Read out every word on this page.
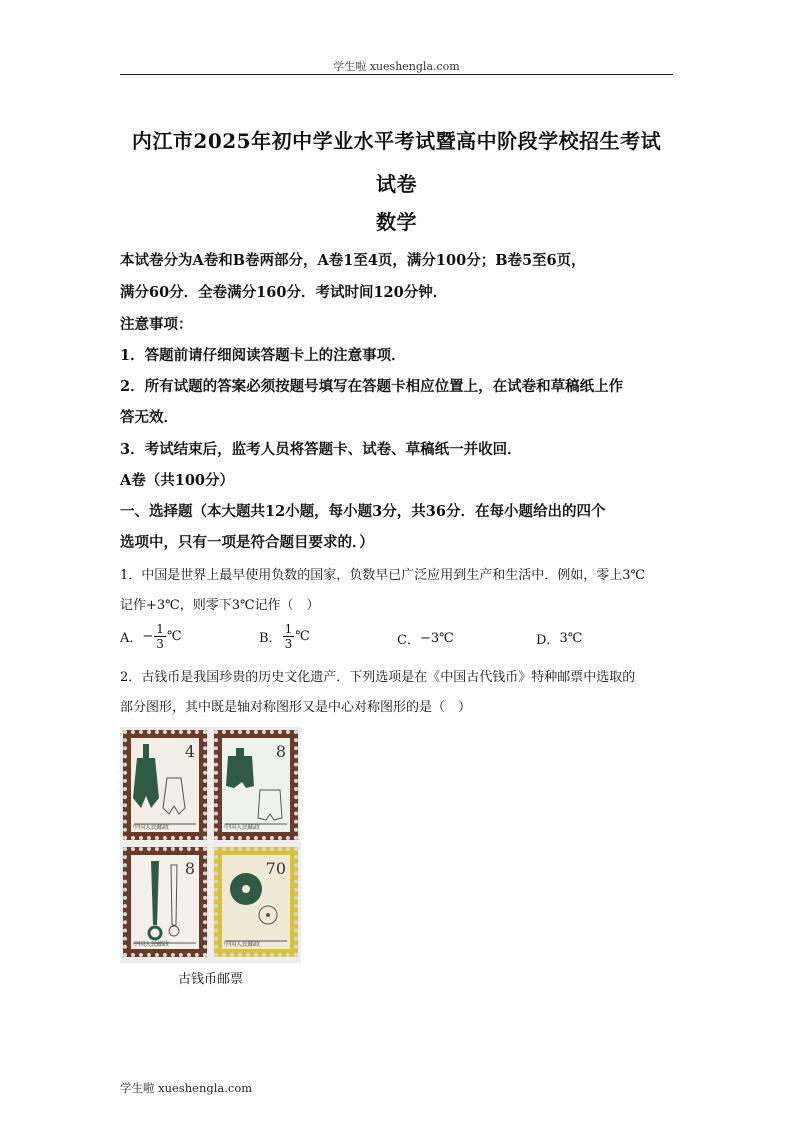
学生啦 xueshengla.com
内江市2025年初中学业水平考试暨高中阶段学校招生考试
试卷
数学
本试卷分为A卷和B卷两部分，A卷1至4页，满分100分；B卷5至6页，
满分60分．全卷满分160分．考试时间120分钟．
注意事项：
1．答题前请仔细阅读答题卡上的注意事项．
2．所有试题的答案必须按题号填写在答题卡相应位置上，在试卷和草稿纸上作
答无效．
3．考试结束后，监考人员将答题卡、试卷、草稿纸一并收回．
A卷（共100分）
一、选择题（本大题共12小题，每小题3分，共36分．在每小题给出的四个
选项中，只有一项是符合题目要求的．）
1．中国是世界上最早使用负数的国家，负数早已广泛应用到生产和生活中．例如，零上3℃
记作+3℃，则零下3℃记作（　）
A． − $\frac{1}{3}$ ℃	B． $\frac{1}{3}$ ℃	C． −3℃	D． 3℃
2．古钱币是我国珍贵的历史文化遗产．下列选项是在《中国古代钱币》特种邮票中选取的
部分图形，其中既是轴对称图形又是中心对称图形的是（　）
4
中国人民邮政
8
中国人民邮政
8
中国人民邮政
70
中国人民邮政
古钱币邮票
学生啦 xueshengla.com
